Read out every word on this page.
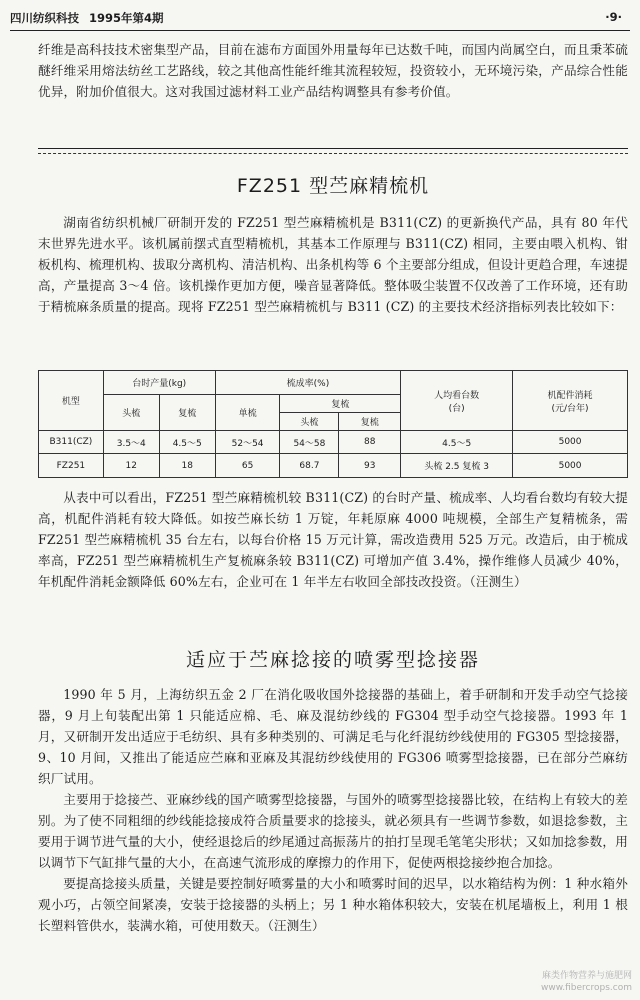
四川纺织科技 1995年第4期	·9·

纤维是高科技技术密集型产品，目前在滤布方面国外用量每年已达数千吨，而国内尚属空白，而且秉苯硫醚纤维采用熔法纺丝工艺路线，较之其他高性能纤维其流程较短，投资较小，无环境污染，产品综合性能优异，附加价值很大。这对我国过滤材料工业产品结构调整具有参考价值。

FZ251 型苎麻精梳机

湖南省纺织机械厂研制开发的 FZ251 型苎麻精梳机是 B311(CZ) 的更新换代产品，具有 80 年代末世界先进水平。该机属前摆式直型精梳机，其基本工作原理与 B311(CZ) 相同，主要由喂入机构、钳板机构、梳理机构、拔取分离机构、清洁机构、出条机构等 6 个主要部分组成，但设计更趋合理，车速提高，产量提高 3～4 倍。该机操作更加方便，噪音显著降低。整体吸尘装置不仅改善了工作环境，还有助于精梳麻条质量的提高。现将 FZ251 型苎麻精梳机与 B311 (CZ) 的主要技术经济指标列表比较如下：

机型	台时产量(kg)		梳成率(%)			人均看台数
(台)	机配件消耗
(元/台年)
	头梳	复梳	单梳	复梳			
				头梳	复梳		
B311(CZ)	3.5～4	4.5～5	52～54	54～58	88	4.5～5	5000
FZ251	12	18	65	68.7	93	头梳 2.5 复梳 3	5000

从表中可以看出，FZ251 型苎麻精梳机较 B311(CZ) 的台时产量、梳成率、人均看台数均有较大提高，机配件消耗有较大降低。如按苎麻长纺 1 万锭，年耗原麻 4000 吨规模，全部生产复精梳条，需 FZ251 型苎麻精梳机 35 台左右，以每台价格 15 万元计算，需改造费用 525 万元。改造后，由于梳成率高，FZ251 型苎麻精梳机生产复梳麻条较 B311(CZ) 可增加产值 3.4%，操作维修人员减少 40%，年机配件消耗金额降低 60%左右，企业可在 1 年半左右收回全部技改投资。（汪测生）

适应于苎麻捻接的喷雾型捻接器

1990 年 5 月，上海纺织五金 2 厂在消化吸收国外捻接器的基础上，着手研制和开发手动空气捻接器，9 月上旬装配出第 1 只能适应棉、毛、麻及混纺纱线的 FG304 型手动空气捻接器。1993 年 1 月，又研制开发出适应于毛纺织、具有多种类别的、可满足毛与化纤混纺纱线使用的 FG305 型捻接器，9、10 月间，又推出了能适应苎麻和亚麻及其混纺纱线使用的 FG306 喷雾型捻接器，已在部分苎麻纺织厂试用。

主要用于捻接苎、亚麻纱线的国产喷雾型捻接器，与国外的喷雾型捻接器比较，在结构上有较大的差别。为了使不同粗细的纱线能捻接成符合质量要求的捻接头，就必须具有一些调节参数，如退捻参数，主要用于调节进气量的大小，使经退捻后的纱尾通过高振荡片的拍打呈现毛笔笔尖形状；又如加捻参数，用以调节下气缸排气量的大小，在高速气流形成的摩擦力的作用下，促使两根捻接纱抱合加捻。

要提高捻接头质量，关键是要控制好喷雾量的大小和喷雾时间的迟早，以水箱结构为例：1 种水箱外观小巧，占领空间紧凑，安装于捻接器的头柄上；另 1 种水箱体积较大，安装在机尾墙板上，利用 1 根长塑料管供水，装满水箱，可使用数天。（汪测生）

麻类作物营养与施肥网
www.fibercrops.com
